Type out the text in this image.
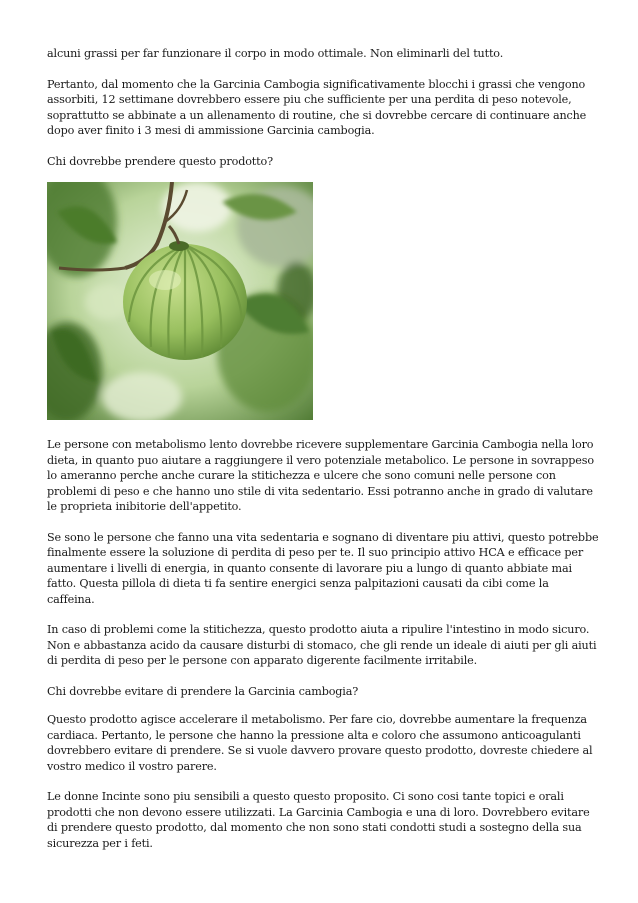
alcuni grassi per far funzionare il corpo in modo ottimale. Non eliminarli del tutto.

Pertanto, dal momento che la Garcinia Cambogia significativamente blocchi i grassi che vengono assorbiti, 12 settimane dovrebbero essere piu che sufficiente per una perdita di peso notevole, soprattutto se abbinate a un allenamento di routine, che si dovrebbe cercare di continuare anche dopo aver finito i 3 mesi di ammissione Garcinia cambogia.

Chi dovrebbe prendere questo prodotto?

Le persone con metabolismo lento dovrebbe ricevere supplementare Garcinia Cambogia nella loro dieta, in quanto puo aiutare a raggiungere il vero potenziale metabolico. Le persone in sovrappeso lo ameranno perche anche curare la stitichezza e ulcere che sono comuni nelle persone con problemi di peso e che hanno uno stile di vita sedentario. Essi potranno anche in grado di valutare le proprieta inibitorie dell'appetito.

Se sono le persone che fanno una vita sedentaria e sognano di diventare piu attivi, questo potrebbe finalmente essere la soluzione di perdita di peso per te. Il suo principio attivo HCA e efficace per aumentare i livelli di energia, in quanto consente di lavorare piu a lungo di quanto abbiate mai fatto. Questa pillola di dieta ti fa sentire energici senza palpitazioni causati da cibi come la caffeina.

In caso di problemi come la stitichezza, questo prodotto aiuta a ripulire l'intestino in modo sicuro. Non e abbastanza acido da causare disturbi di stomaco, che gli rende un ideale di aiuti per gli aiuti di perdita di peso per le persone con apparato digerente facilmente irritabile.

Chi dovrebbe evitare di prendere la Garcinia cambogia?

Questo prodotto agisce accelerare il metabolismo. Per fare cio, dovrebbe aumentare la frequenza cardiaca. Pertanto, le persone che hanno la pressione alta e coloro che assumono anticoagulanti dovrebbero evitare di prendere. Se si vuole davvero provare questo prodotto, dovreste chiedere al vostro medico il vostro parere.

Le donne Incinte sono piu sensibili a questo questo proposito. Ci sono cosi tante topici e orali prodotti che non devono essere utilizzati. La Garcinia Cambogia e una di loro. Dovrebbero evitare di prendere questo prodotto, dal momento che non sono stati condotti studi a sostegno della sua sicurezza per i feti.
